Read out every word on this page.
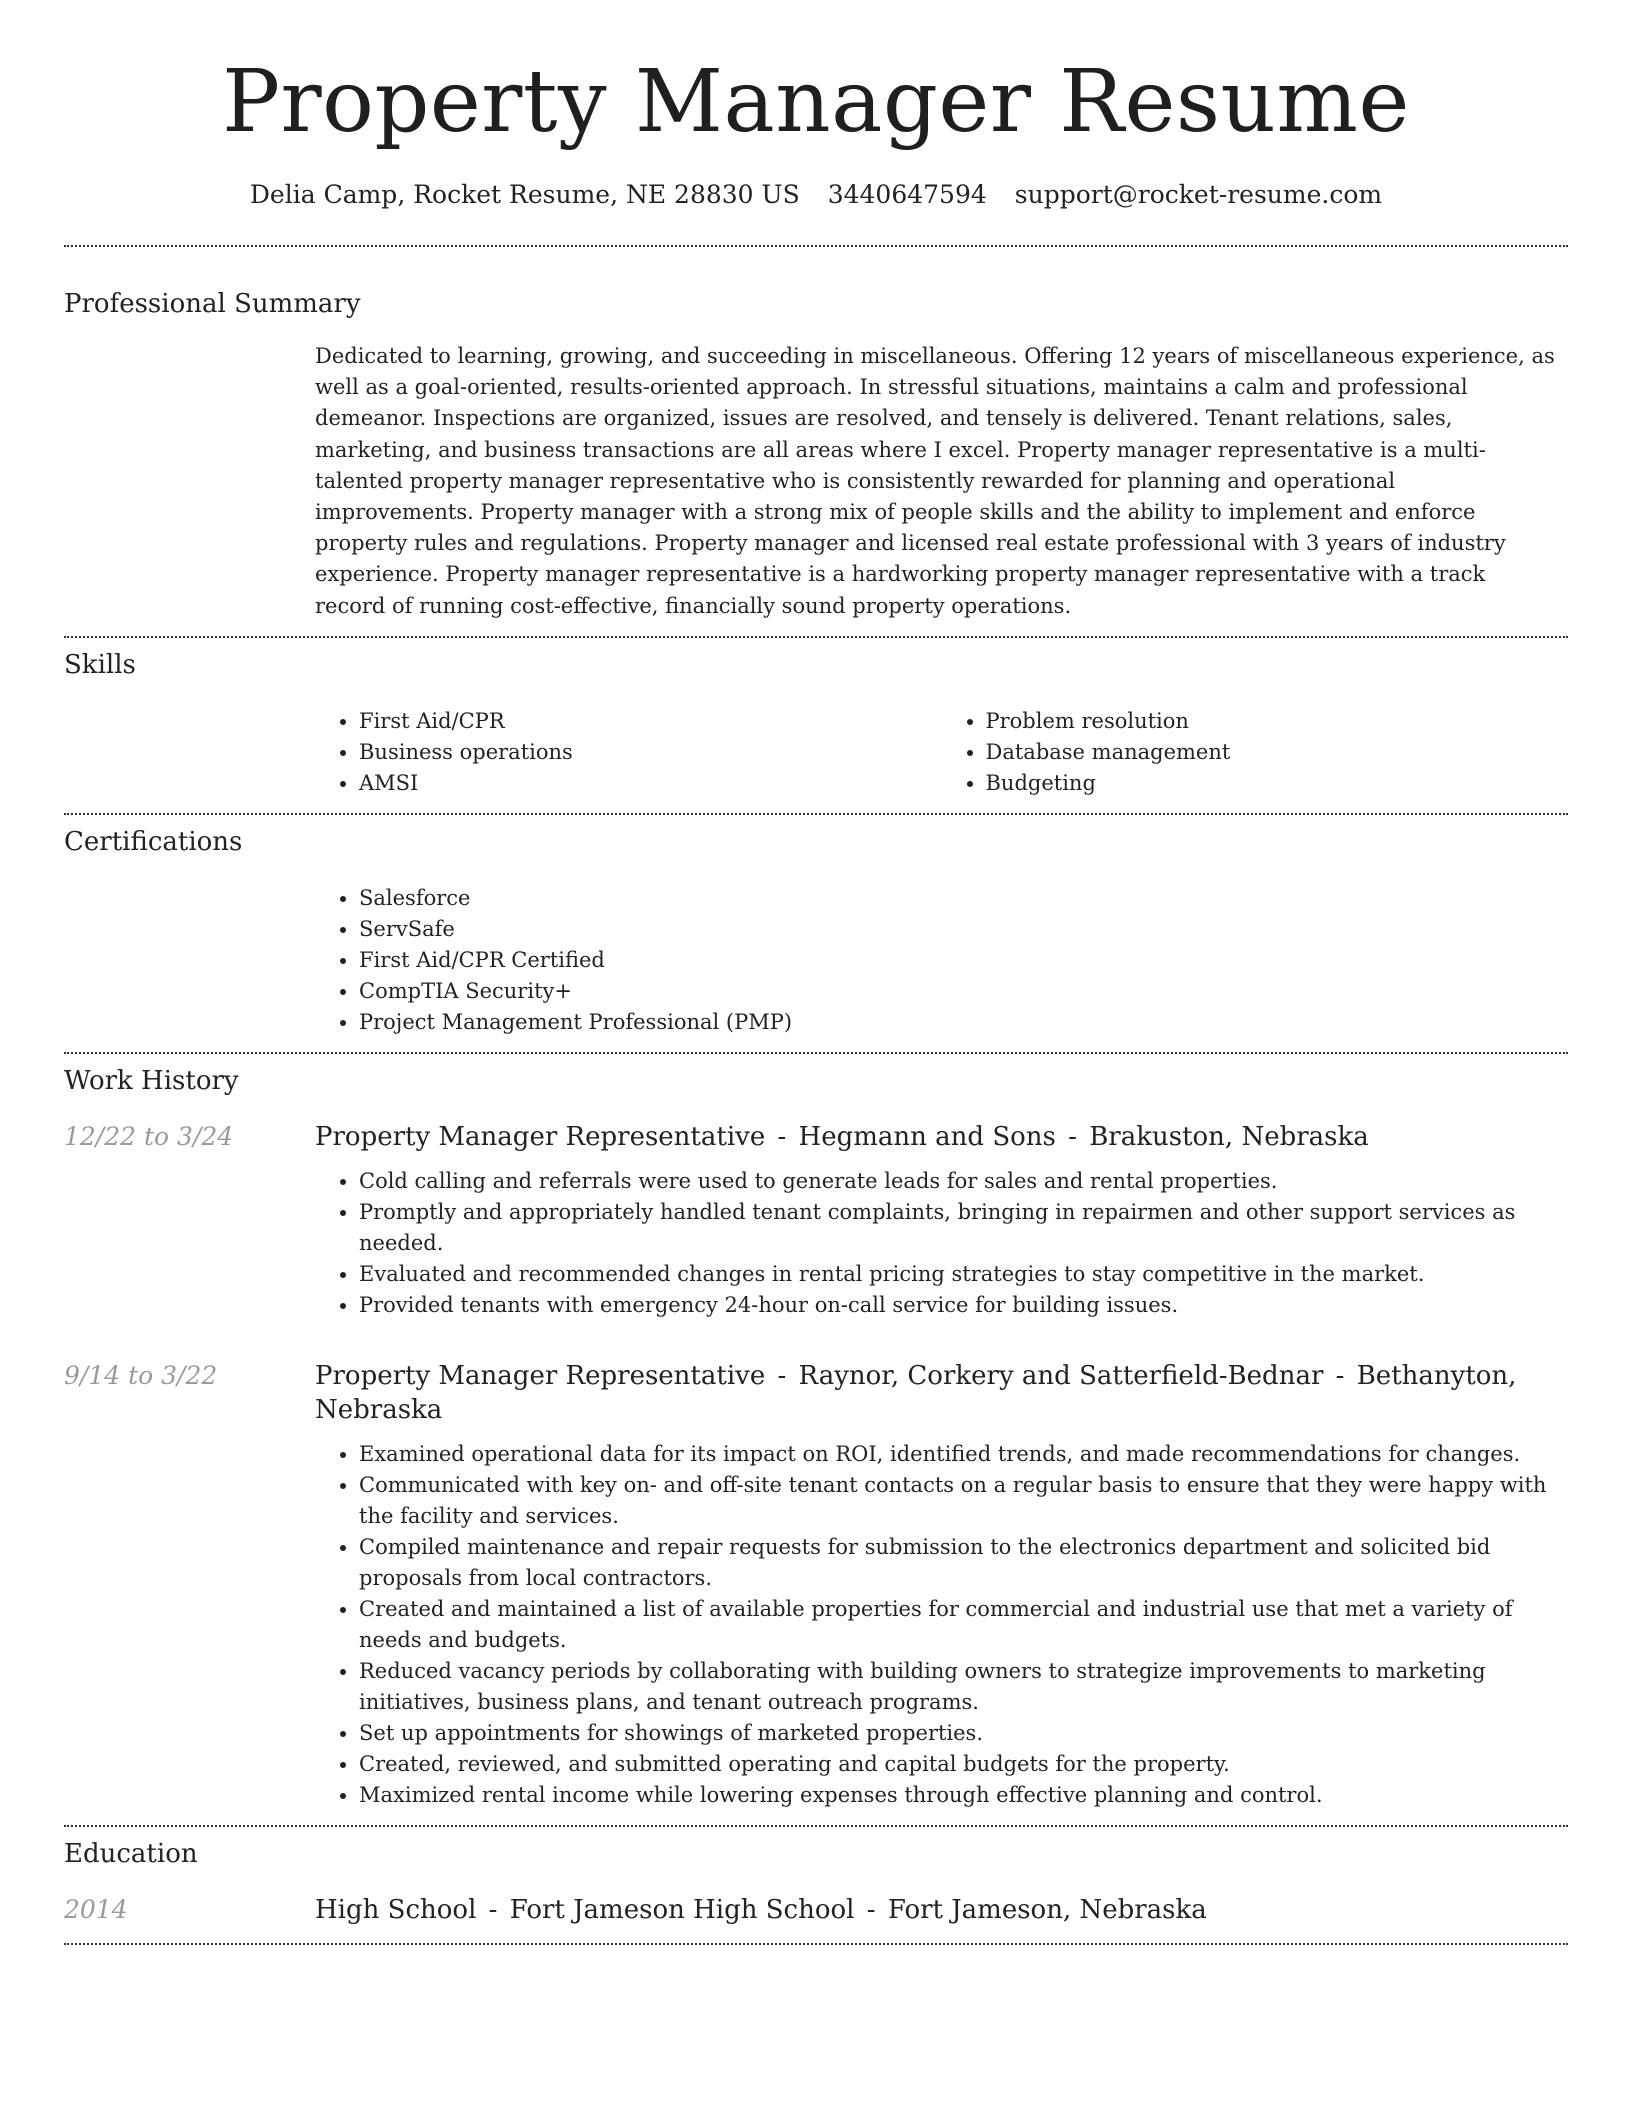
Property Manager Resume
Delia Camp, Rocket Resume, NE 28830 US 3440647594 support@rocket-resume.com
Professional Summary
Dedicated to learning, growing, and succeeding in miscellaneous. Offering 12 years of miscellaneous experience, as well as a goal-oriented, results-oriented approach. In stressful situations, maintains a calm and professional demeanor. Inspections are organized, issues are resolved, and tensely is delivered. Tenant relations, sales, marketing, and business transactions are all areas where I excel. Property manager representative is a multi-talented property manager representative who is consistently rewarded for planning and operational improvements. Property manager with a strong mix of people skills and the ability to implement and enforce property rules and regulations. Property manager and licensed real estate professional with 3 years of industry experience. Property manager representative is a hardworking property manager representative with a track record of running cost-effective, financially sound property operations.
Skills
• First Aid/CPR
• Business operations
• AMSI
• Problem resolution
• Database management
• Budgeting
Certifications
• Salesforce
• ServSafe
• First Aid/CPR Certified
• CompTIA Security+
• Project Management Professional (PMP)
Work History
12/22 to 3/24	Property Manager Representative - Hegmann and Sons - Brakuston, Nebraska
• Cold calling and referrals were used to generate leads for sales and rental properties.
• Promptly and appropriately handled tenant complaints, bringing in repairmen and other support services as needed.
• Evaluated and recommended changes in rental pricing strategies to stay competitive in the market.
• Provided tenants with emergency 24-hour on-call service for building issues.
9/14 to 3/22	Property Manager Representative - Raynor, Corkery and Satterfield-Bednar - Bethanyton, Nebraska
• Examined operational data for its impact on ROI, identified trends, and made recommendations for changes.
• Communicated with key on- and off-site tenant contacts on a regular basis to ensure that they were happy with the facility and services.
• Compiled maintenance and repair requests for submission to the electronics department and solicited bid proposals from local contractors.
• Created and maintained a list of available properties for commercial and industrial use that met a variety of needs and budgets.
• Reduced vacancy periods by collaborating with building owners to strategize improvements to marketing initiatives, business plans, and tenant outreach programs.
• Set up appointments for showings of marketed properties.
• Created, reviewed, and submitted operating and capital budgets for the property.
• Maximized rental income while lowering expenses through effective planning and control.
Education
2014	High School - Fort Jameson High School - Fort Jameson, Nebraska
